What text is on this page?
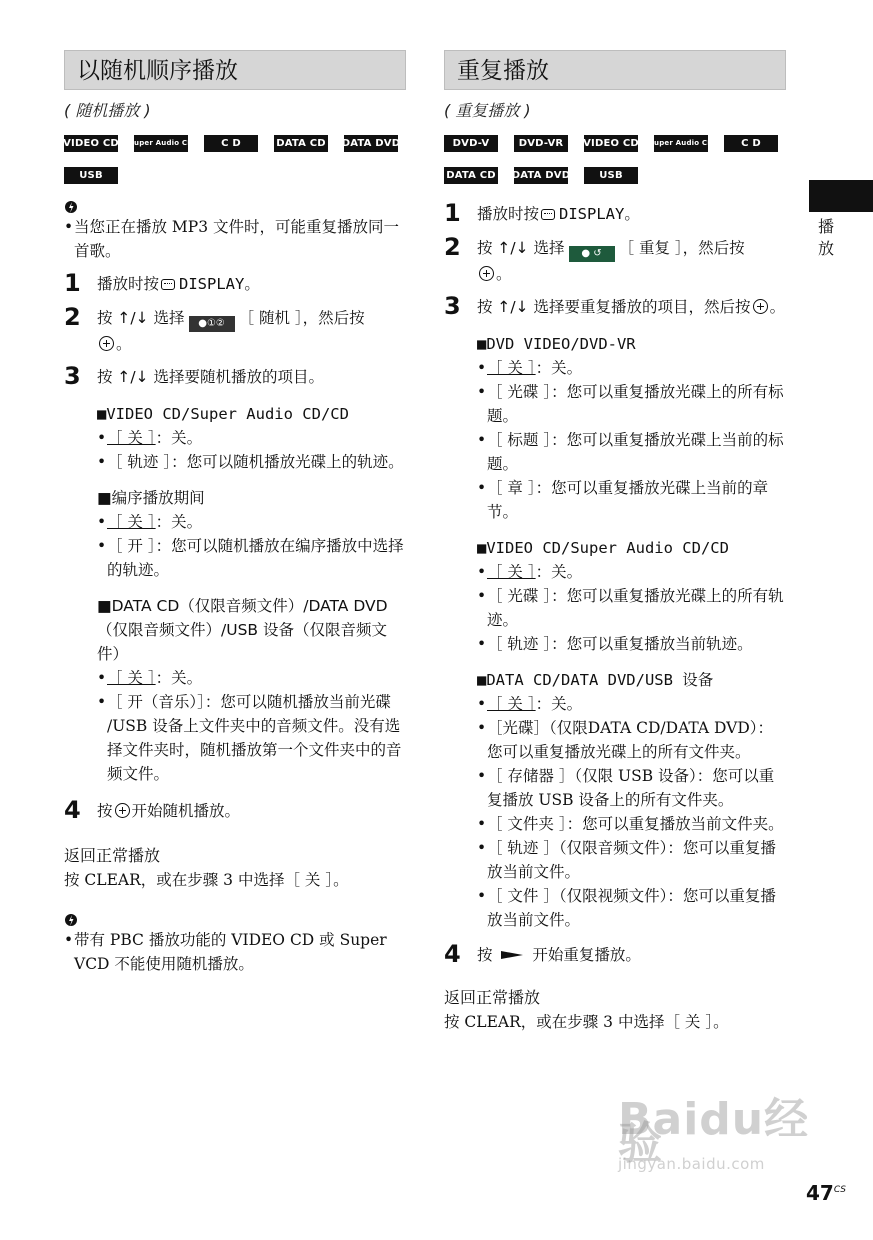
以随机顺序播放
( 随机播放 )
VIDEO CD Super Audio CD	C D	DATA CD DATA DVD
USB
• 当您正在播放 MP3 文件时，可能重复播放同一首歌。
1	播放时按 DISPLAY。
2	按 ↑/↓ 选择 ●①② ［ 随机 ］，然后按
。
3	按 ↑/↓ 选择要随机播放的项目。
■VIDEO CD/Super Audio CD/CD
• ［ 关 ］：关。
• ［ 轨迹 ］：您可以随机播放光碟上的轨迹。
■编序播放期间
• ［ 关 ］：关。
• ［ 开 ］：您可以随机播放在编序播放中选择的轨迹。
■DATA CD（仅限音频文件）/DATA DVD（仅限音频文件）/USB 设备（仅限音频文件）
• ［ 关 ］：关。
• ［ 开（音乐）］：您可以随机播放当前光碟 /USB 设备上文件夹中的音频文件。没有选择文件夹时，随机播放第一个文件夹中的音频文件。
4	按 开始随机播放。
返回正常播放
按 CLEAR，或在步骤 3 中选择［ 关 ］。
• 带有 PBC 播放功能的 VIDEO CD 或 Super VCD 不能使用随机播放。
重复播放
( 重复播放 )
DVD-V	DVD-VR	VIDEO CD Super Audio CD	C D
DATA CD DATA DVD	USB
1	播放时按 DISPLAY。
2	按 ↑/↓ 选择 ● ↺ ［ 重复 ］，然后按
。
3	按 ↑/↓ 选择要重复播放的项目，然后按 。
■DVD VIDEO/DVD-VR
• ［ 关 ］：关。
• ［ 光碟 ］：您可以重复播放光碟上的所有标题。
• ［ 标题 ］：您可以重复播放光碟上当前的标题。
• ［ 章 ］：您可以重复播放光碟上当前的章节。
■VIDEO CD/Super Audio CD/CD
• ［ 关 ］：关。
• ［ 光碟 ］：您可以重复播放光碟上的所有轨迹。
• ［ 轨迹 ］：您可以重复播放当前轨迹。
■DATA CD/DATA DVD/USB 设备
• ［ 关 ］：关。
• ［光碟］（仅限DATA CD/DATA DVD）：您可以重复播放光碟上的所有文件夹。
• ［ 存储器 ］（仅限 USB 设备）：您可以重复播放 USB 设备上的所有文件夹。
• ［ 文件夹 ］：您可以重复播放当前文件夹。
• ［ 轨迹 ］（仅限音频文件）：您可以重复播放当前文件。
• ［ 文件 ］（仅限视频文件）：您可以重复播放当前文件。
4	按	开始重复播放。
返回正常播放
按 CLEAR，或在步骤 3 中选择［ 关 ］。
播放
Baidu经验
jingyan.baidu.com
$47^{CS}$
